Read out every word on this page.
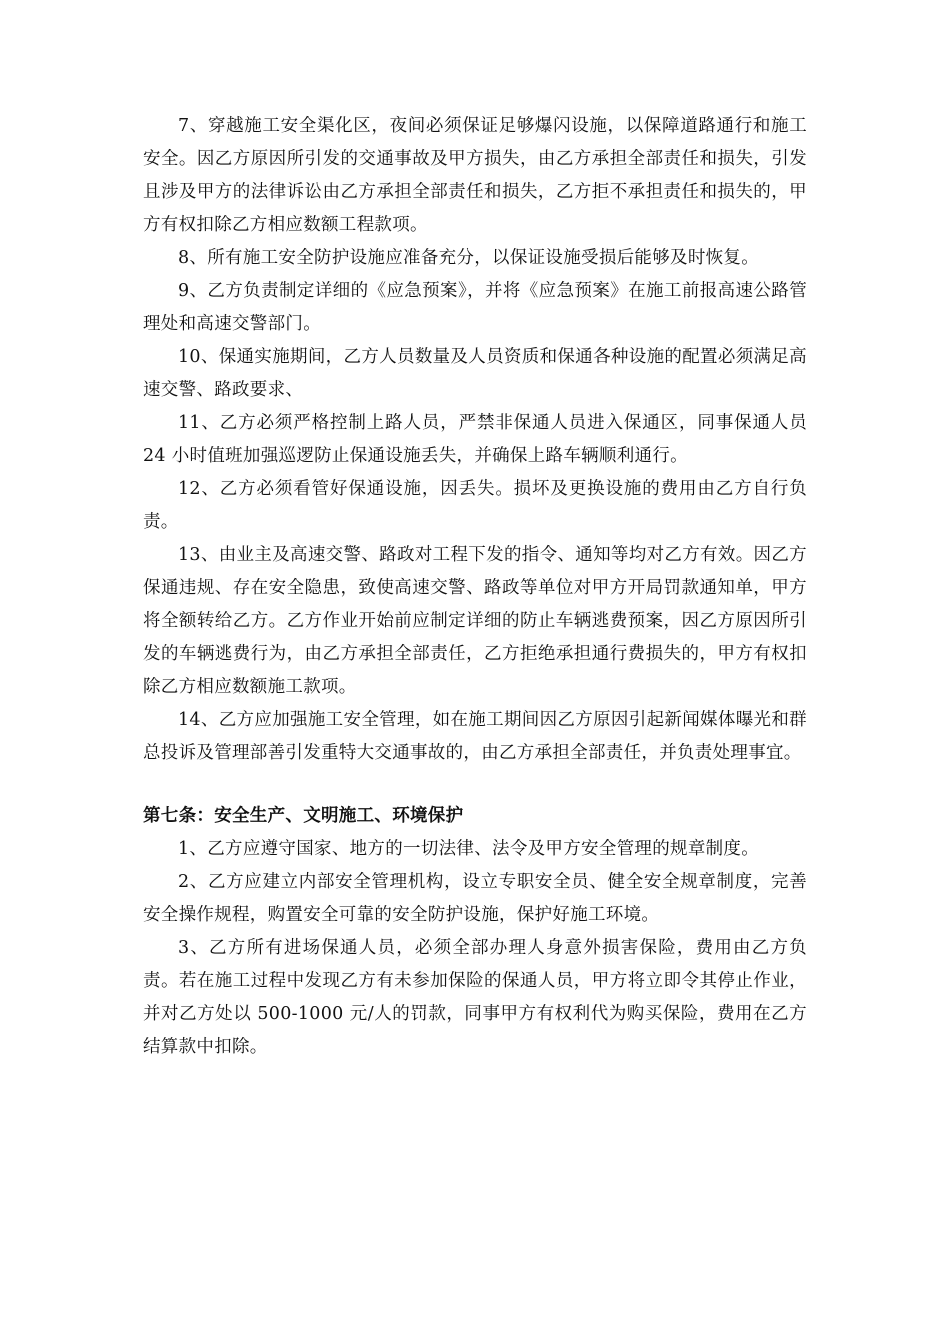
7、穿越施工安全渠化区，夜间必须保证足够爆闪设施，以保障道路通行和施工安全。因乙方原因所引发的交通事故及甲方损失，由乙方承担全部责任和损失，引发且涉及甲方的法律诉讼由乙方承担全部责任和损失，乙方拒不承担责任和损失的，甲方有权扣除乙方相应数额工程款项。

8、所有施工安全防护设施应准备充分，以保证设施受损后能够及时恢复。

9、乙方负责制定详细的《应急预案》，并将《应急预案》在施工前报高速公路管理处和高速交警部门。

10、保通实施期间，乙方人员数量及人员资质和保通各种设施的配置必须满足高速交警、路政要求、

11、乙方必须严格控制上路人员，严禁非保通人员进入保通区，同事保通人员 24 小时值班加强巡逻防止保通设施丢失，并确保上路车辆顺利通行。

12、乙方必须看管好保通设施，因丢失。损坏及更换设施的费用由乙方自行负责。

13、由业主及高速交警、路政对工程下发的指令、通知等均对乙方有效。因乙方保通违规、存在安全隐患，致使高速交警、路政等单位对甲方开局罚款通知单，甲方将全额转给乙方。乙方作业开始前应制定详细的防止车辆逃费预案，因乙方原因所引发的车辆逃费行为，由乙方承担全部责任，乙方拒绝承担通行费损失的，甲方有权扣除乙方相应数额施工款项。

14、乙方应加强施工安全管理，如在施工期间因乙方原因引起新闻媒体曝光和群总投诉及管理部善引发重特大交通事故的，由乙方承担全部责任，并负责处理事宜。

第七条：安全生产、文明施工、环境保护

1、乙方应遵守国家、地方的一切法律、法令及甲方安全管理的规章制度。

2、乙方应建立内部安全管理机构，设立专职安全员、健全安全规章制度，完善安全操作规程，购置安全可靠的安全防护设施，保护好施工环境。

3、乙方所有进场保通人员，必须全部办理人身意外损害保险，费用由乙方负责。若在施工过程中发现乙方有未参加保险的保通人员，甲方将立即令其停止作业，并对乙方处以 500-1000 元/人的罚款，同事甲方有权利代为购买保险，费用在乙方结算款中扣除。
